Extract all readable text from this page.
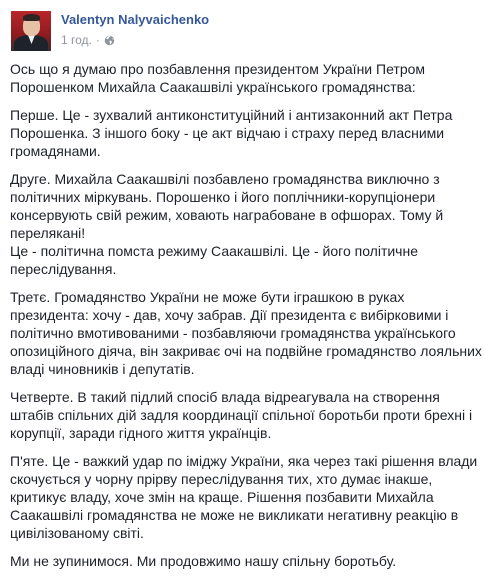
Valentyn Nalyvaichenko
1 год. ·
Ось що я думаю про позбавлення президентом України Петром
Порошенком Михайла Саакашвілі українського громадянства:
Перше. Це - зухвалий антиконституційний і антизаконний акт Петра
Порошенка. З іншого боку - це акт відчаю і страху перед власними
громадянами.
Друге. Михайла Саакашвілі позбавлено громадянства виключно з
політичних міркувань. Порошенко і його поплічники-корупціонери
консервують свій режим, ховають награбоване в офшорах. Тому й
перелякані!
Це - політична помста режиму Саакашвілі. Це - його політичне
переслідування.
Третє. Громадянство України не може бути іграшкою в руках
президента: хочу - дав, хочу забрав. Дії президента є вибірковими і
політично вмотивованими - позбавляючи громадянства українського
опозиційного діяча, він закриває очі на подвійне громадянство лояльних
владі чиновників і депутатів.
Четверте. В такий підлий спосіб влада відреагувала на створення
штабів спільних дій задля координації спільної боротьби проти брехні і
корупції, заради гідного життя українців.
П'яте. Це - важкий удар по іміджу України, яка через такі рішення влади
скочується у чорну прірву переслідування тих, хто думає інакше,
критикує владу, хоче змін на краще. Рішення позбавити Михайла
Саакашвілі громадянства не може не викликати негативну реакцію в
цивілізованому світі.
Ми не зупинимося. Ми продовжимо нашу спільну боротьбу.
